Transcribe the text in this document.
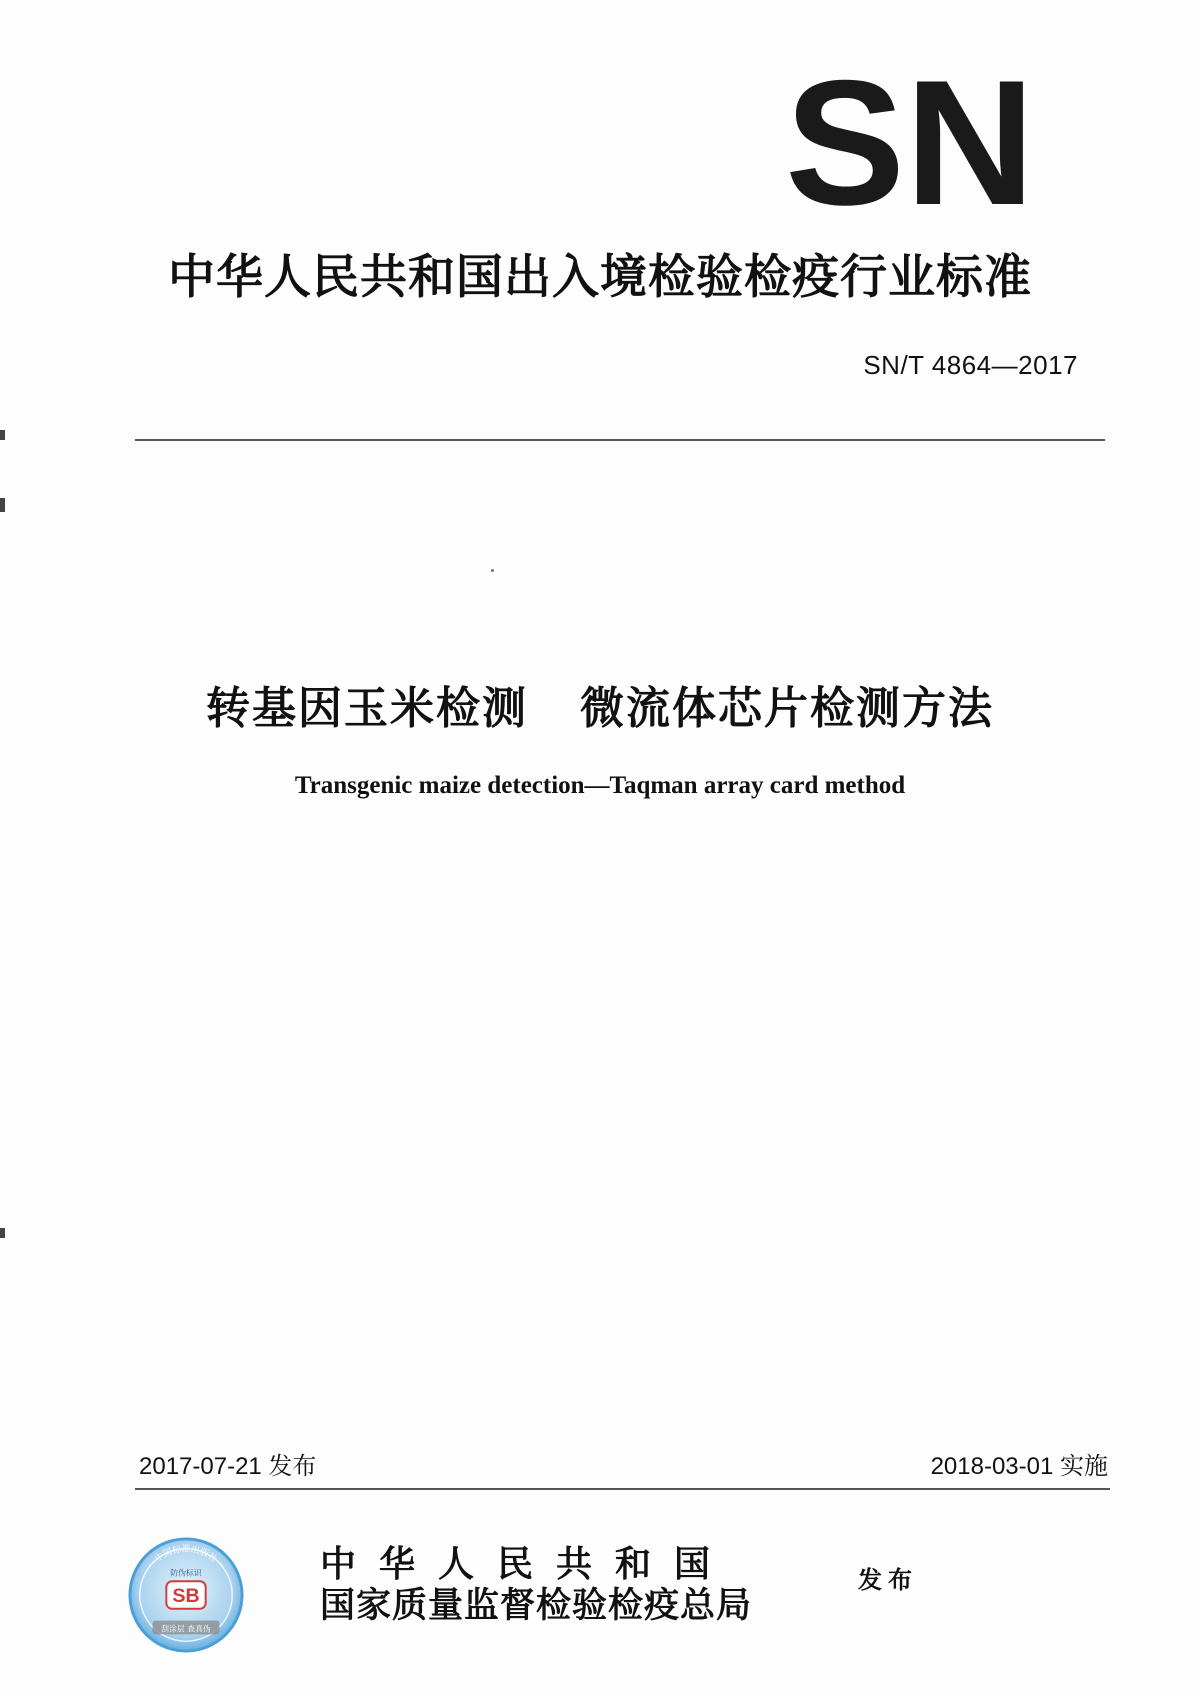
SN
中华人民共和国出入境检验检疫行业标准
SN/T 4864—2017
转基因玉米检测   微流体芯片检测方法
Transgenic maize detection—Taqman array card method
2017-07-21 发布	2018-03-01 实施
中国标准出版社
SB
防伪标识
刮涂层 查真伪
中华人民共和国
国家质量监督检验检疫总局
发布
